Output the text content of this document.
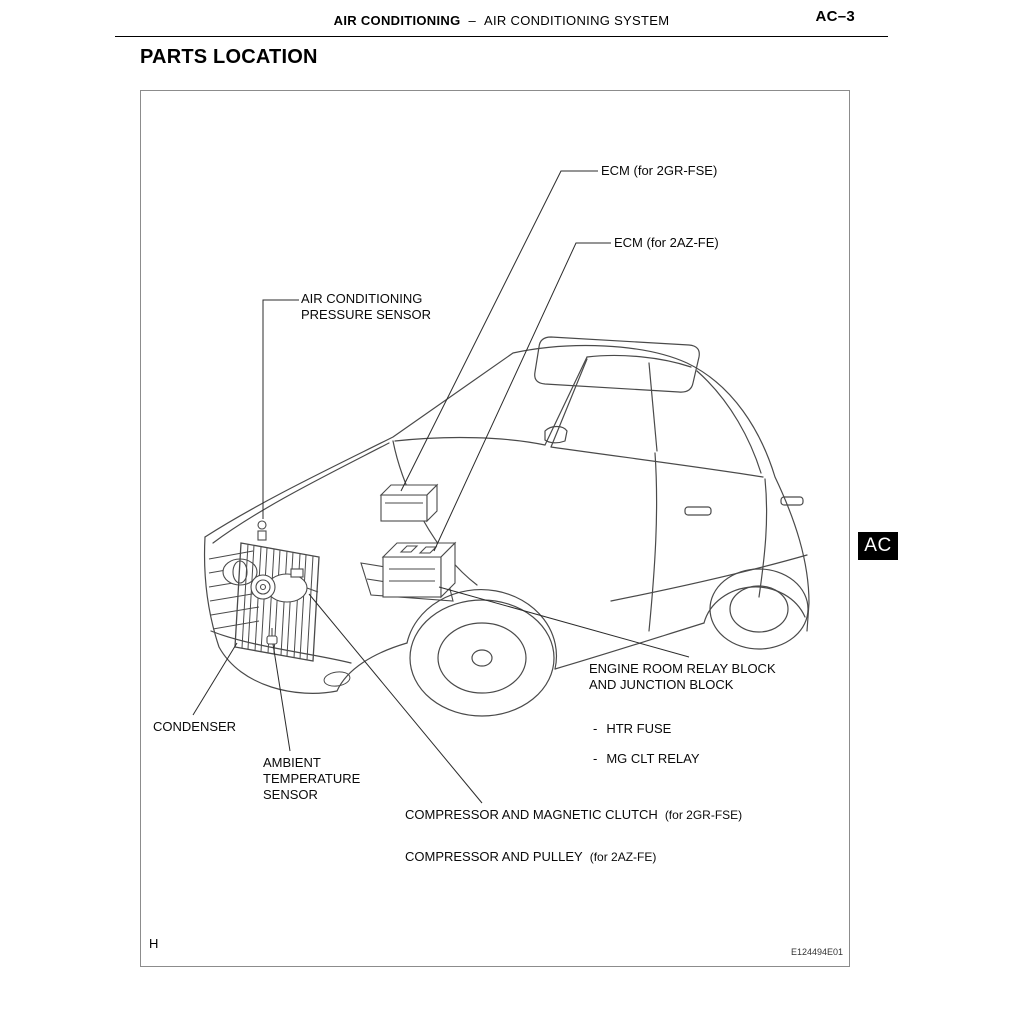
AIR CONDITIONING – AIR CONDITIONING SYSTEM	AC–3
PARTS LOCATION
AC
ECM (for 2GR-FSE)
ECM (for 2AZ-FE)
AIR CONDITIONING
PRESSURE SENSOR
ENGINE ROOM RELAY BLOCK
AND JUNCTION BLOCK
- HTR FUSE
- MG CLT RELAY
CONDENSER
AMBIENT
TEMPERATURE
SENSOR
COMPRESSOR AND MAGNETIC CLUTCH (for 2GR-FSE)
COMPRESSOR AND PULLEY (for 2AZ-FE)
H
E124494E01
